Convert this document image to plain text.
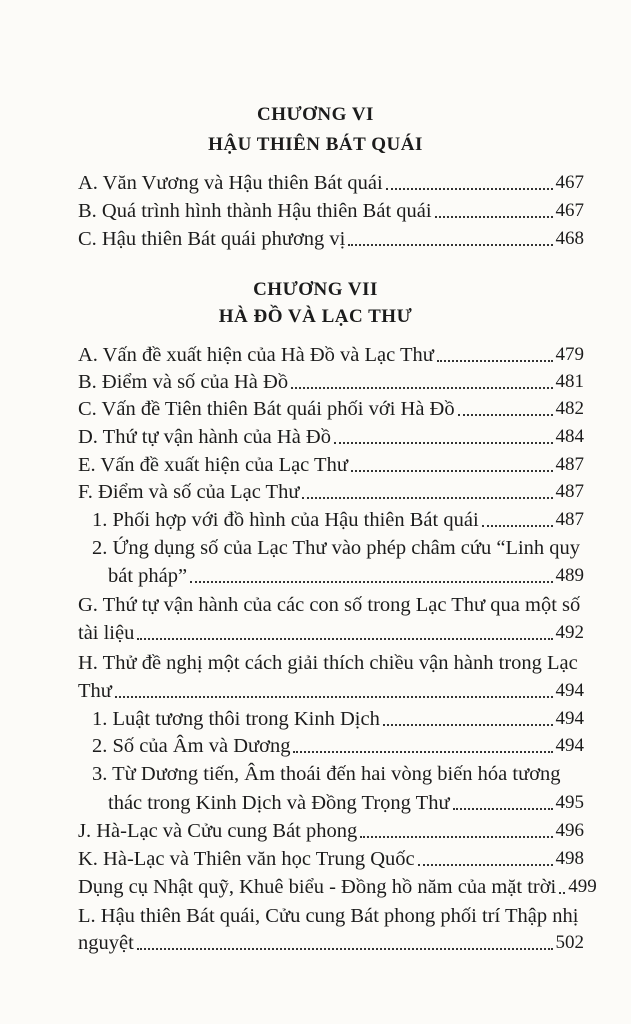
CHƯƠNG VI
HẬU THIÊN BÁT QUÁI
A. Văn Vương và Hậu thiên Bát quái	467
B. Quá trình hình thành Hậu thiên Bát quái	467
C. Hậu thiên Bát quái phương vị	468
CHƯƠNG VII
HÀ ĐỒ VÀ LẠC THƯ
A. Vấn đề xuất hiện của Hà Đồ và Lạc Thư	479
B. Điểm và số của Hà Đồ	481
C. Vấn đề Tiên thiên Bát quái phối với Hà Đồ	482
D. Thứ tự vận hành của Hà Đồ	484
E. Vấn đề xuất hiện của Lạc Thư	487
F. Điểm và số của Lạc Thư	487
1. Phối hợp với đồ hình của Hậu thiên Bát quái	487
2. Ứng dụng số của Lạc Thư vào phép châm cứu “Linh quy
bát pháp”	489
G. Thứ tự vận hành của các con số trong Lạc Thư qua một số
tài liệu	492
H. Thử đề nghị một cách giải thích chiều vận hành trong Lạc
Thư	494
1. Luật tương thôi trong Kinh Dịch	494
2. Số của Âm và Dương	494
3. Từ Dương tiến, Âm thoái đến hai vòng biến hóa tương
thác trong Kinh Dịch và Đồng Trọng Thư	495
J. Hà-Lạc và Cửu cung Bát phong	496
K. Hà-Lạc và Thiên văn học Trung Quốc	498
Dụng cụ Nhật quỹ, Khuê biểu - Đồng hồ năm của mặt trời 499
L. Hậu thiên Bát quái, Cửu cung Bát phong phối trí Thập nhị
nguyệt	502
